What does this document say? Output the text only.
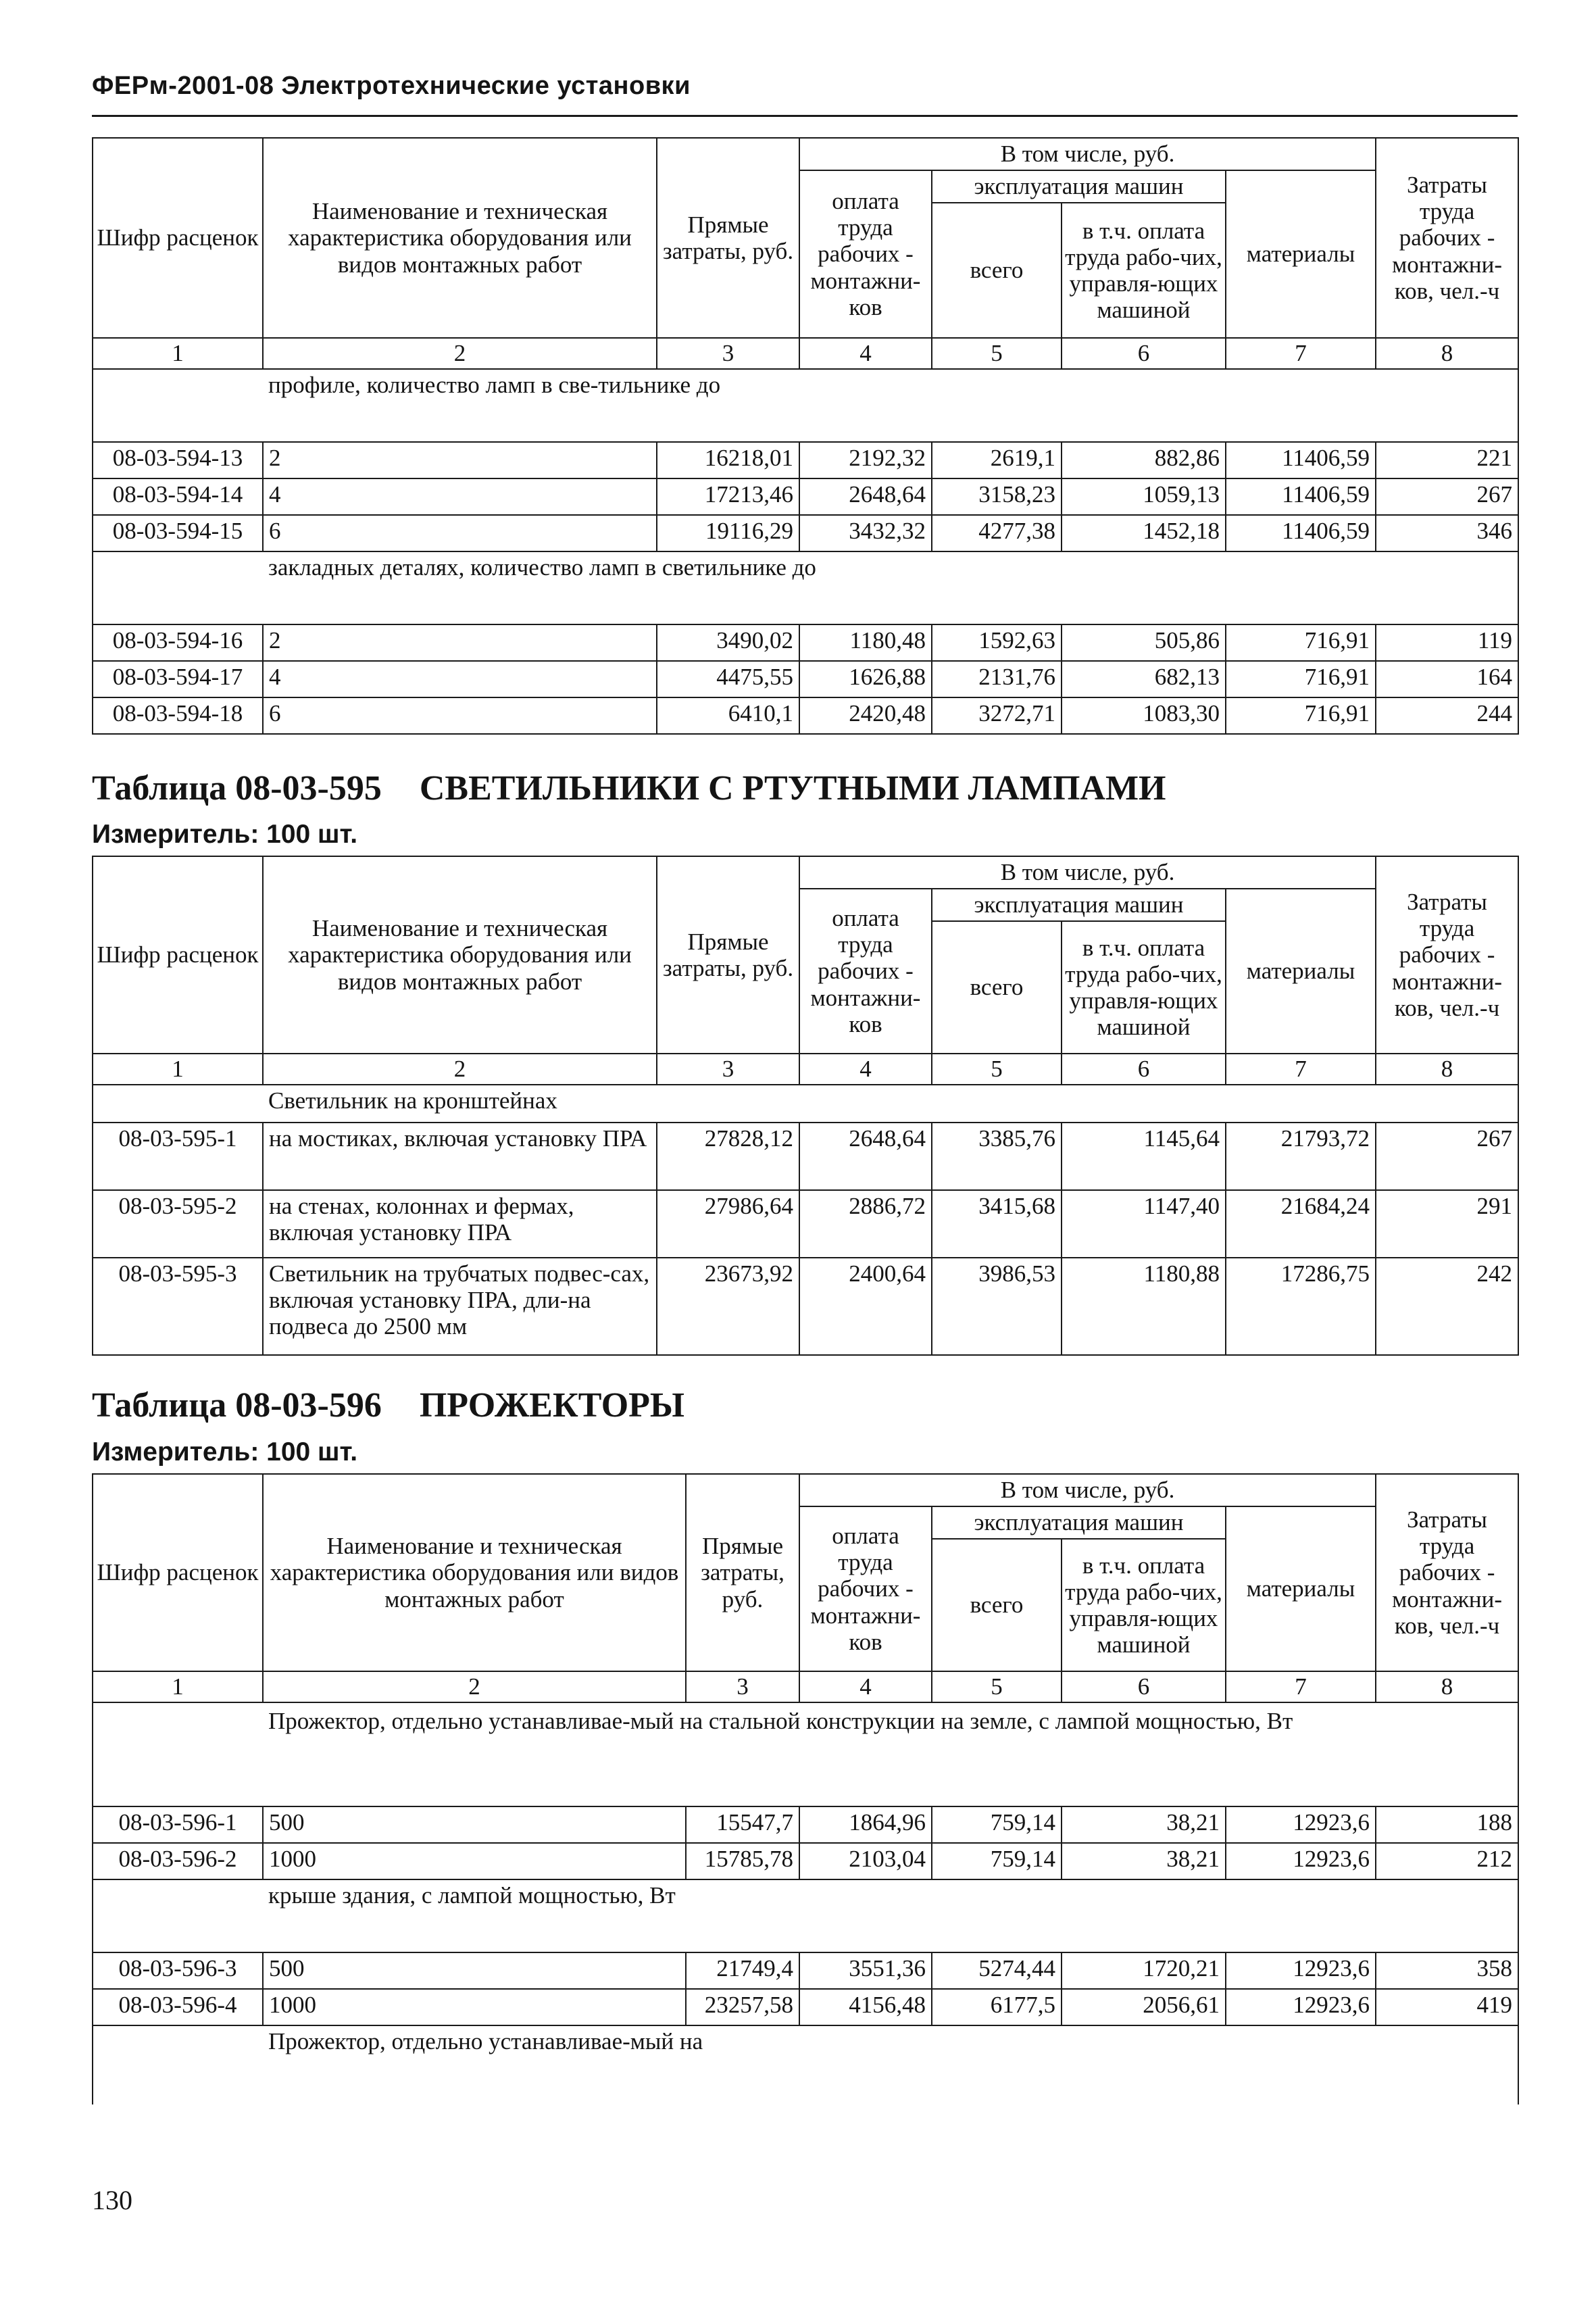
ФЕРм-2001-08 Электротехнические установки
Шифр расценок	Наименование и техническая характеристика оборудования или видов монтажных работ	Прямые затраты, руб.	В том числе, руб.				Затраты труда рабочих - монтажни-ков, чел.-ч
			оплата труда рабочих - монтажни-ков	эксплуатация машин		материалы	
				всего	в т.ч. оплата труда рабо-чих, управля-ющих машиной		
1	2	3	4	5	6	7	8
	профиле, количество ламп в све-тильнике до						
08-03-594-13	2	16218,01	2192,32	2619,1	882,86	11406,59	221
08-03-594-14	4	17213,46	2648,64	3158,23	1059,13	11406,59	267
08-03-594-15	6	19116,29	3432,32	4277,38	1452,18	11406,59	346
	закладных деталях, количество ламп в светильнике до						
08-03-594-16	2	3490,02	1180,48	1592,63	505,86	716,91	119
08-03-594-17	4	4475,55	1626,88	2131,76	682,13	716,91	164
08-03-594-18	6	6410,1	2420,48	3272,71	1083,30	716,91	244
Таблица 08-03-595 СВЕТИЛЬНИКИ С РТУТНЫМИ ЛАМПАМИ
Измеритель: 100 шт.
Шифр расценок	Наименование и техническая характеристика оборудования или видов монтажных работ	Прямые затраты, руб.	В том числе, руб.				Затраты труда рабочих - монтажни-ков, чел.-ч
			оплата труда рабочих - монтажни-ков	эксплуатация машин		материалы	
				всего	в т.ч. оплата труда рабо-чих, управля-ющих машиной		
1	2	3	4	5	6	7	8
	Светильник на кронштейнах						
08-03-595-1	на мостиках, включая установку ПРА	27828,12	2648,64	3385,76	1145,64	21793,72	267
08-03-595-2	на стенах, колоннах и фермах, включая установку ПРА	27986,64	2886,72	3415,68	1147,40	21684,24	291
08-03-595-3	Светильник на трубчатых подвес-сах, включая установку ПРА, дли-на подвеса до 2500 мм	23673,92	2400,64	3986,53	1180,88	17286,75	242
Таблица 08-03-596 ПРОЖЕКТОРЫ
Измеритель: 100 шт.
Шифр расценок	Наименование и техническая характеристика оборудования или видов монтажных работ	Прямые затраты, руб.	В том числе, руб.				Затраты труда рабочих - монтажни-ков, чел.-ч
			оплата труда рабочих - монтажни-ков	эксплуатация машин		материалы	
				всего	в т.ч. оплата труда рабо-чих, управля-ющих машиной		
1	2	3	4	5	6	7	8
	Прожектор, отдельно устанавливае-мый на стальной конструкции на земле, с лампой мощностью, Вт						
08-03-596-1	500	15547,7	1864,96	759,14	38,21	12923,6	188
08-03-596-2	1000	15785,78	2103,04	759,14	38,21	12923,6	212
	крыше здания, с лампой мощностью, Вт						
08-03-596-3	500	21749,4	3551,36	5274,44	1720,21	12923,6	358
08-03-596-4	1000	23257,58	4156,48	6177,5	2056,61	12923,6	419
	Прожектор, отдельно устанавливае-мый на						
130
